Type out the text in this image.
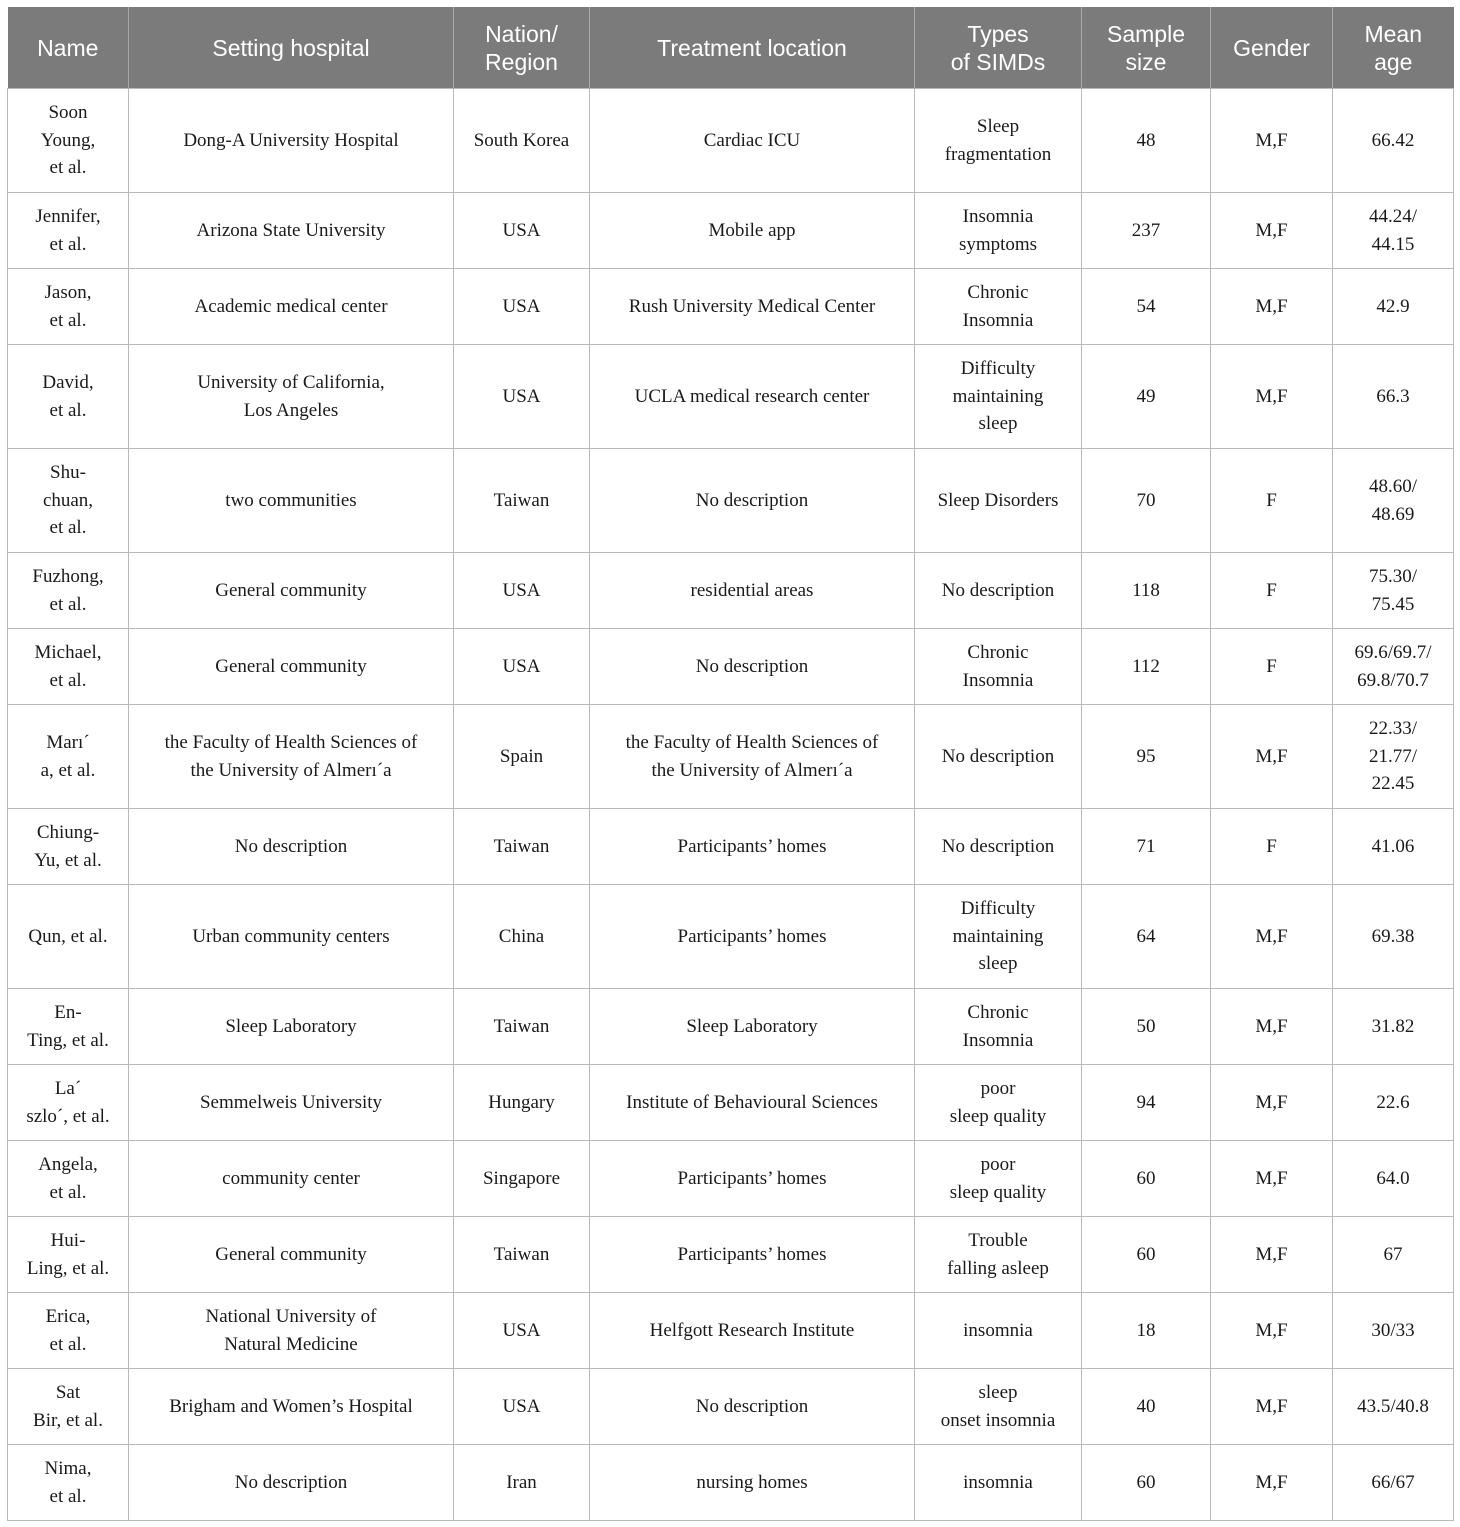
Name	Setting hospital	Nation/
Region	Treatment location	Types
of SIMDs	Sample
size	Gender	Mean
age

Soon
Young,
et al.	Dong-A University Hospital	South Korea	Cardiac ICU	Sleep
fragmentation	48	M,F	66.42

Jennifer,
et al.	Arizona State University	USA	Mobile app	Insomnia
symptoms	237	M,F	44.24/
44.15

Jason,
et al.	Academic medical center	USA	Rush University Medical Center	Chronic
Insomnia	54	M,F	42.9

David,
et al.	University of California,
Los Angeles	USA	UCLA medical research center	Difficulty
maintaining
sleep	49	M,F	66.3

Shu-
chuan,
et al.	two communities	Taiwan	No description	Sleep Disorders	70	F	48.60/
48.69

Fuzhong,
et al.	General community	USA	residential areas	No description	118	F	75.30/
75.45

Michael,
et al.	General community	USA	No description	Chronic
Insomnia	112	F	69.6/69.7/
69.8/70.7

Marı´
a, et al.	the Faculty of Health Sciences of
the University of Almerı´a	Spain	the Faculty of Health Sciences of
the University of Almerı´a	No description	95	M,F	22.33/
21.77/
22.45

Chiung-
Yu, et al.	No description	Taiwan	Participants’ homes	No description	71	F	41.06

Qun, et al.	Urban community centers	China	Participants’ homes	Difficulty
maintaining
sleep	64	M,F	69.38

En-
Ting, et al.	Sleep Laboratory	Taiwan	Sleep Laboratory	Chronic
Insomnia	50	M,F	31.82

La´
szlo´, et al.	Semmelweis University	Hungary	Institute of Behavioural Sciences	poor
sleep quality	94	M,F	22.6

Angela,
et al.	community center	Singapore	Participants’ homes	poor
sleep quality	60	M,F	64.0

Hui-
Ling, et al.	General community	Taiwan	Participants’ homes	Trouble
falling asleep	60	M,F	67

Erica,
et al.	National University of
Natural Medicine	USA	Helfgott Research Institute	insomnia	18	M,F	30/33

Sat
Bir, et al.	Brigham and Women’s Hospital	USA	No description	sleep
onset insomnia	40	M,F	43.5/40.8

Nima,
et al.	No description	Iran	nursing homes	insomnia	60	M,F	66/67
